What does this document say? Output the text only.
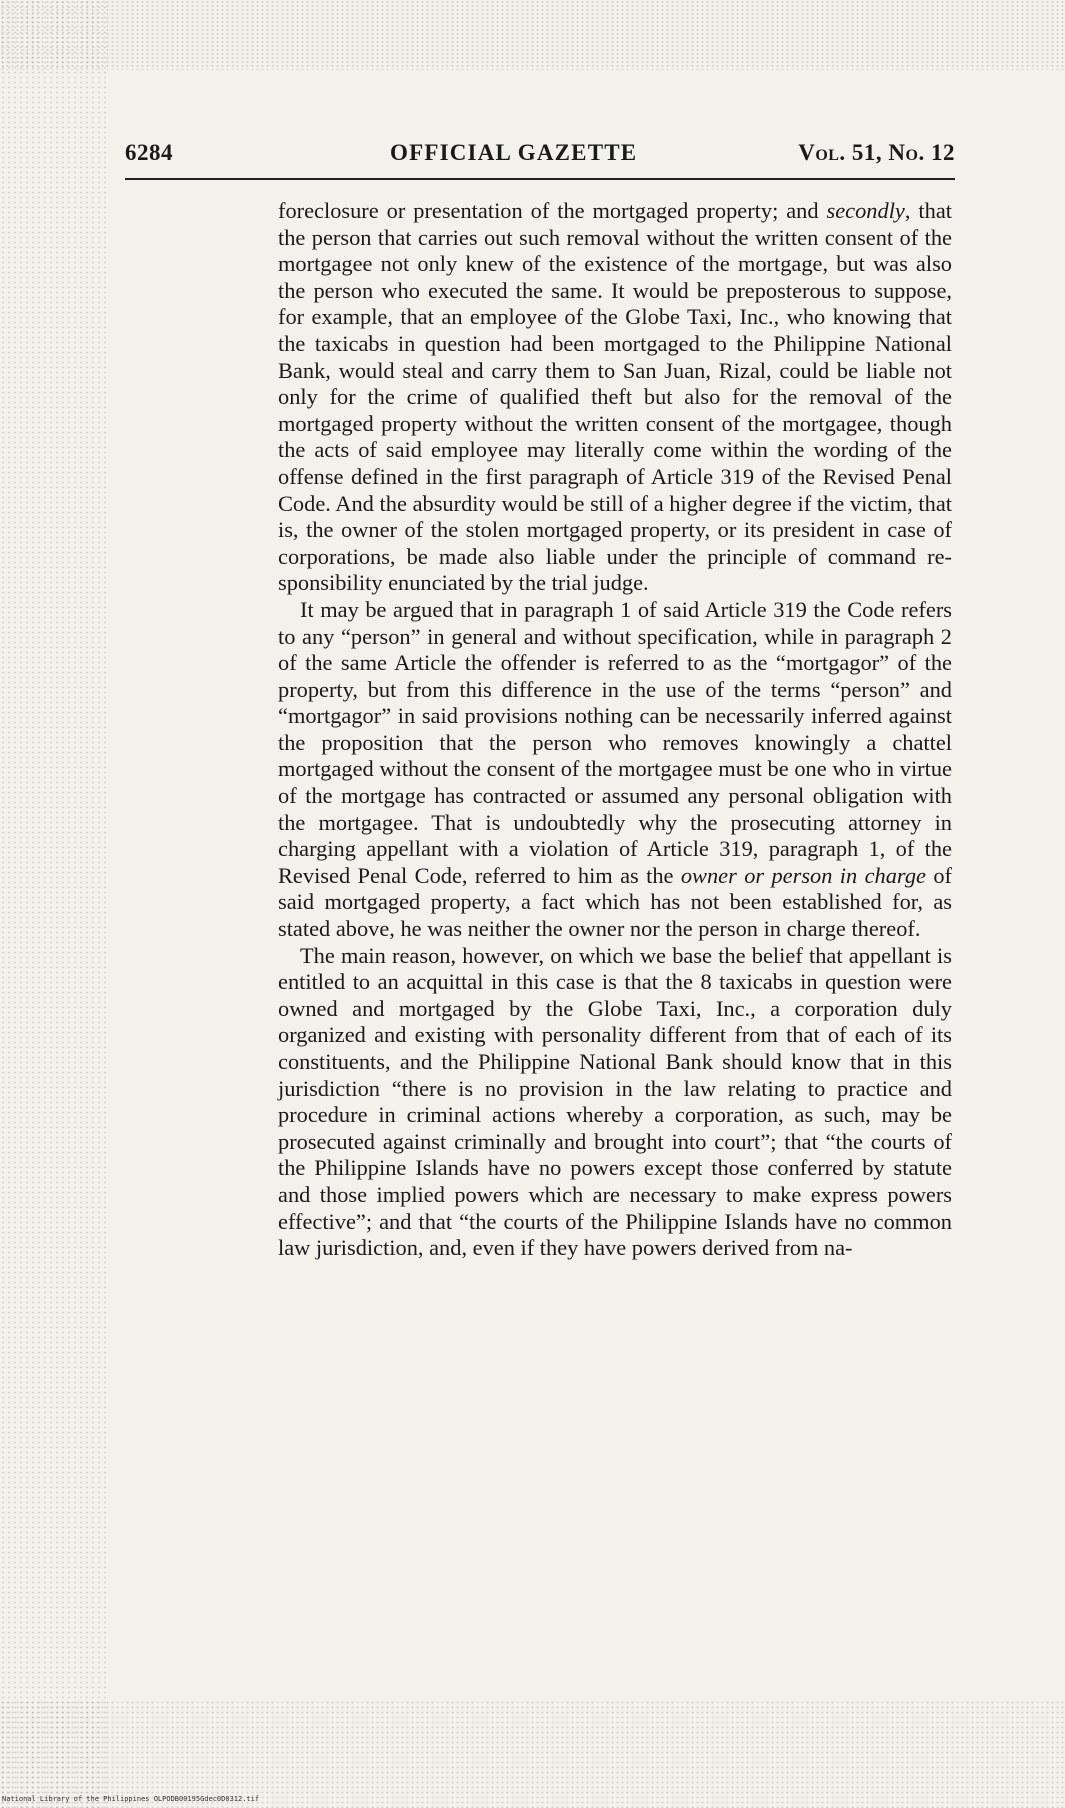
6284	OFFICIAL GAZETTE	Vol. 51, No. 12

foreclosure or presentation of the mortgaged property; and secondly, that the person that carries out such removal without the written consent of the mortgagee not only knew of the existence of the mortgage, but was also the person who executed the same. It would be preposterous to suppose, for example, that an employee of the Globe Taxi, Inc., who knowing that the taxicabs in question had been mortgaged to the Philippine National Bank, would steal and carry them to San Juan, Rizal, could be liable not only for the crime of qualified theft but also for the removal of the mortgaged property without the written consent of the mortgagee, though the acts of said employee may literally come within the wording of the offense defined in the first paragraph of Article 319 of the Revised Penal Code. And the absurdity would be still of a higher degree if the victim, that is, the owner of the stolen mortgaged property, or its president in case of corporations, be made also liable under the principle of command responsibility enunciated by the trial judge.

It may be argued that in paragraph 1 of said Article 319 the Code refers to any “person” in general and without specification, while in paragraph 2 of the same Article the offender is referred to as the “mortgagor” of the property, but from this difference in the use of the terms “person” and “mortgagor” in said provisions nothing can be necessarily inferred against the proposition that the person who removes knowingly a chattel mortgaged without the consent of the mortgagee must be one who in virtue of the mortgage has contracted or assumed any personal obligation with the mortgagee. That is undoubtedly why the prosecuting attorney in charging appellant with a violation of Article 319, paragraph 1, of the Revised Penal Code, referred to him as the owner or person in charge of said mortgaged property, a fact which has not been established for, as stated above, he was neither the owner nor the person in charge thereof.

The main reason, however, on which we base the belief that appellant is entitled to an acquittal in this case is that the 8 taxicabs in question were owned and mortgaged by the Globe Taxi, Inc., a corporation duly organized and existing with personality different from that of each of its constituents, and the Philippine National Bank should know that in this jurisdiction “there is no provision in the law relating to practice and procedure in criminal actions whereby a corporation, as such, may be prosecuted against criminally and brought into court”; that “the courts of the Philippine Islands have no powers except those conferred by statute and those implied powers which are necessary to make express powers effective”; and that “the courts of the Philippine Islands have no common law jurisdiction, and, even if they have powers derived from na-

National Library of the Philippines OLPODB00195Gdec0D0312.tif
